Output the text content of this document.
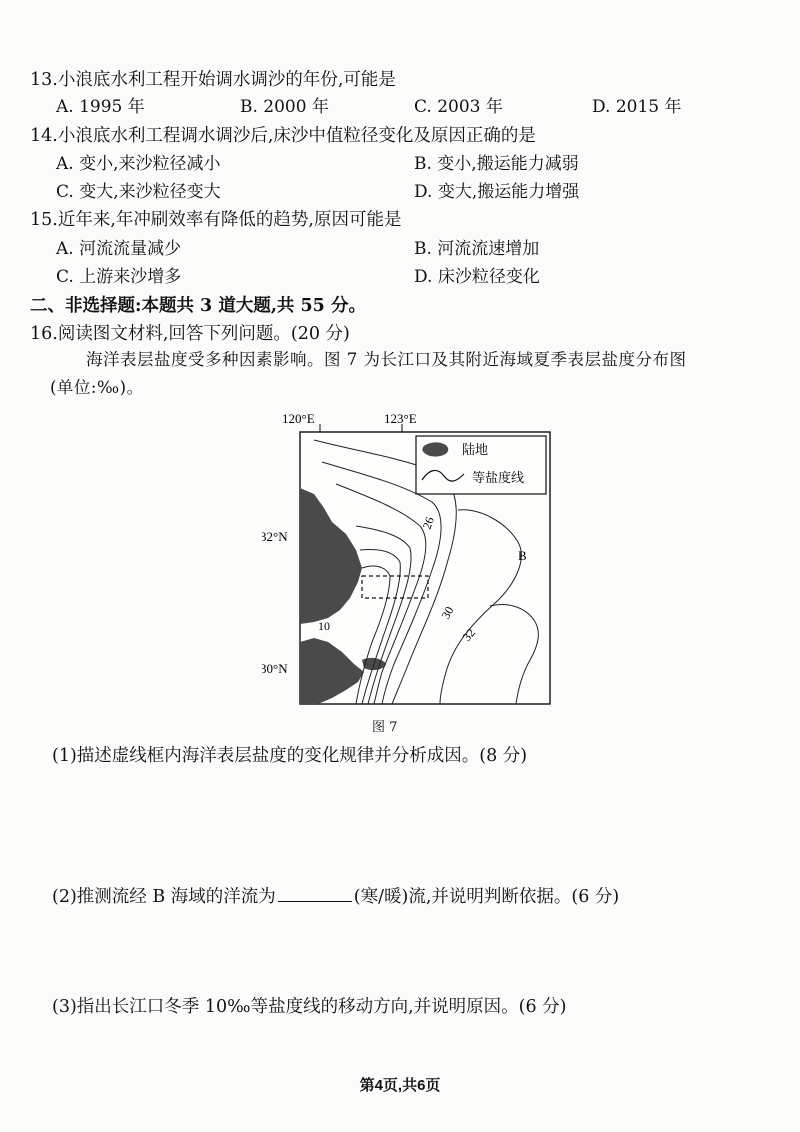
13.小浪底水利工程开始调水调沙的年份,可能是
A. 1995 年	B. 2000 年	C. 2003 年	D. 2015 年
14.小浪底水利工程调水调沙后,床沙中值粒径变化及原因正确的是
A. 变小,来沙粒径减小	B. 变小,搬运能力减弱
C. 变大,来沙粒径变大	D. 变大,搬运能力增强
15.近年来,年冲刷效率有降低的趋势,原因可能是
A. 河流流量减少	B. 河流流速增加
C. 上游来沙增多	D. 床沙粒径变化
二、非选择题:本题共 3 道大题,共 55 分。
16.阅读图文材料,回答下列问题。(20 分)
海洋表层盐度受多种因素影响。图 7 为长江口及其附近海域夏季表层盐度分布图
(单位:‰)。
120°E	123°E
32°N
30°N
26
10
30
32
B
陆地
等盐度线
图 7
(1)描述虚线框内海洋表层盐度的变化规律并分析成因。(8 分)
(2)推测流经 B 海域的洋流为	(寒/暖)流,并说明判断依据。(6 分)
(3)指出长江口冬季 10‰等盐度线的移动方向,并说明原因。(6 分)
第4页,共6页
